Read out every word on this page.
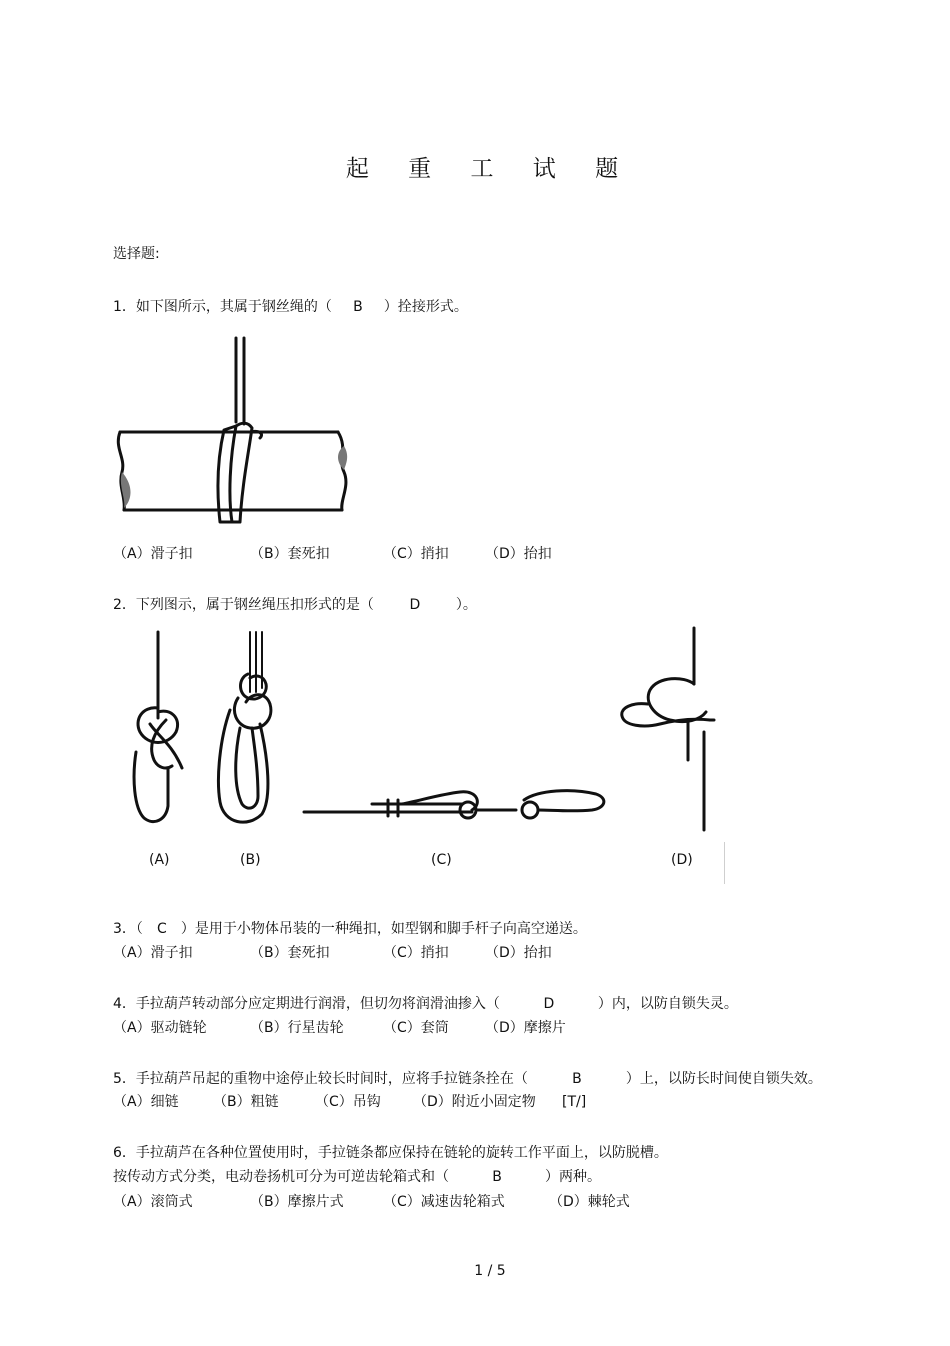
起 重 工 试 题
选择题:
1．如下图所示，其属于钢丝绳的（ B ）拴接形式。
（A）滑子扣	（B）套死扣	（C）捎扣	（D）抬扣
2．下列图示，属于钢丝绳压扣形式的是（	D	）。
(A)	(B)	(C)	(D)
3．（ C ）是用于小物体吊装的一种绳扣，如型钢和脚手杆子向高空递送。
（A）滑子扣	（B）套死扣	（C）捎扣	（D）抬扣
4．手拉葫芦转动部分应定期进行润滑，但切勿将润滑油掺入（	D	）内，以防自锁失灵。
（A）驱动链轮	（B）行星齿轮	（C）套筒	（D）摩擦片
5．手拉葫芦吊起的重物中途停止较长时间时，应将手拉链条拴在（	B	）上，以防长时间使自锁失效。
（A）细链 （B）粗链	（C）吊钩 （D）附近小固定物 [T/]
6．手拉葫芦在各种位置使用时，手拉链条都应保持在链轮的旋转工作平面上，以防脱槽。
按传动方式分类，电动卷扬机可分为可逆齿轮箱式和（	B	）两种。
（A）滚筒式	（B）摩擦片式	（C）减速齿轮箱式	（D）棘轮式
1 / 5
